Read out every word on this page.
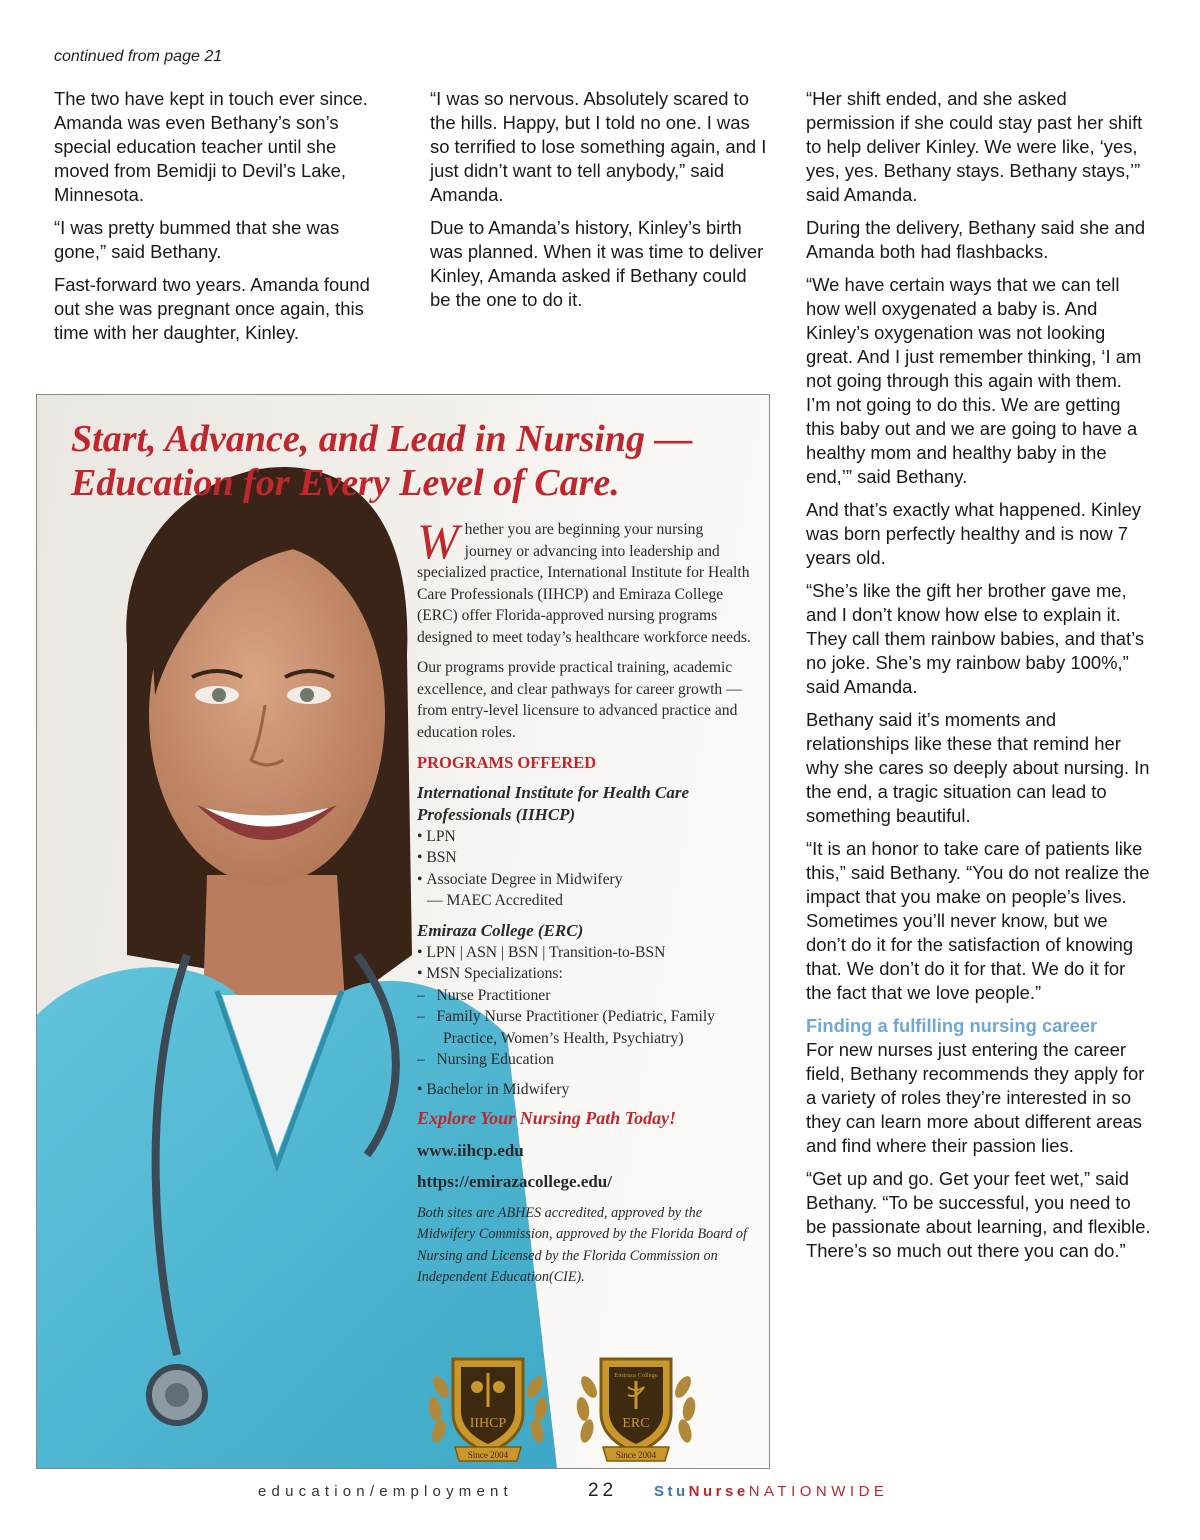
continued from page 21

The two have kept in touch ever since. Amanda was even Bethany’s son’s special education teacher until she moved from Bemidji to Devil’s Lake, Minnesota.

“I was pretty bummed that she was gone,” said Bethany.

Fast-forward two years. Amanda found out she was pregnant once again, this time with her daughter, Kinley.

“I was so nervous. Absolutely scared to the hills. Happy, but I told no one. I was so terrified to lose something again, and I just didn’t want to tell anybody,” said Amanda.

Due to Amanda’s history, Kinley’s birth was planned. When it was time to deliver Kinley, Amanda asked if Bethany could be the one to do it.

“Her shift ended, and she asked permission if she could stay past her shift to help deliver Kinley. We were like, ‘yes, yes, yes. Bethany stays. Bethany stays,’” said Amanda.

During the delivery, Bethany said she and Amanda both had flashbacks.

“We have certain ways that we can tell how well oxygenated a baby is. And Kinley’s oxygenation was not looking great. And I just remember thinking, ‘I am not going through this again with them. I’m not going to do this. We are getting this baby out and we are going to have a healthy mom and healthy baby in the end,’” said Bethany.

And that’s exactly what happened. Kinley was born perfectly healthy and is now 7 years old.

“She’s like the gift her brother gave me, and I don’t know how else to explain it. They call them rainbow babies, and that’s no joke. She’s my rainbow baby 100%,” said Amanda.

Bethany said it’s moments and relationships like these that remind her why she cares so deeply about nursing. In the end, a tragic situation can lead to something beautiful.

“It is an honor to take care of patients like this,” said Bethany. “You do not realize the impact that you make on people’s lives. Sometimes you’ll never know, but we don’t do it for the satisfaction of knowing that. We don’t do it for that. We do it for the fact that we love people.”

Finding a fulfilling nursing career

For new nurses just entering the career field, Bethany recommends they apply for a variety of roles they’re interested in so they can learn more about different areas and find where their passion lies.

“Get up and go. Get your feet wet,” said Bethany. “To be successful, you need to be passionate about learning, and flexible. There’s so much out there you can do.”

Start, Advance, and Lead in Nursing — Education for Every Level of Care.

Whether you are beginning your nursing journey or advancing into leadership and specialized practice, International Institute for Health Care Professionals (IIHCP) and Emiraza College (ERC) offer Florida-approved nursing programs designed to meet today’s healthcare workforce needs.

Our programs provide practical training, academic excellence, and clear pathways for career growth — from entry-level licensure to advanced practice and education roles.

PROGRAMS OFFERED
International Institute for Health Care Professionals (IIHCP)
• LPN
• BSN
• Associate Degree in Midwifery
— MAEC Accredited
Emiraza College (ERC)
• LPN | ASN | BSN | Transition-to-BSN
• MSN Specializations:
–   Nurse Practitioner
–   Family Nurse Practitioner (Pediatric, Family Practice, Women’s Health, Psychiatry)
–   Nursing Education
• Bachelor in Midwifery
Explore Your Nursing Path Today!
www.iihcp.edu
https://emirazacollege.edu/
Both sites are ABHES accredited, approved by the Midwifery Commission, approved by the Florida Board of Nursing and Licensed by the Florida Commission on Independent Education(CIE).
IIHCP
Since 2004
Emiraza College
ERC
Since 2004
education/employment	22 StuNurseNATIONWIDE
